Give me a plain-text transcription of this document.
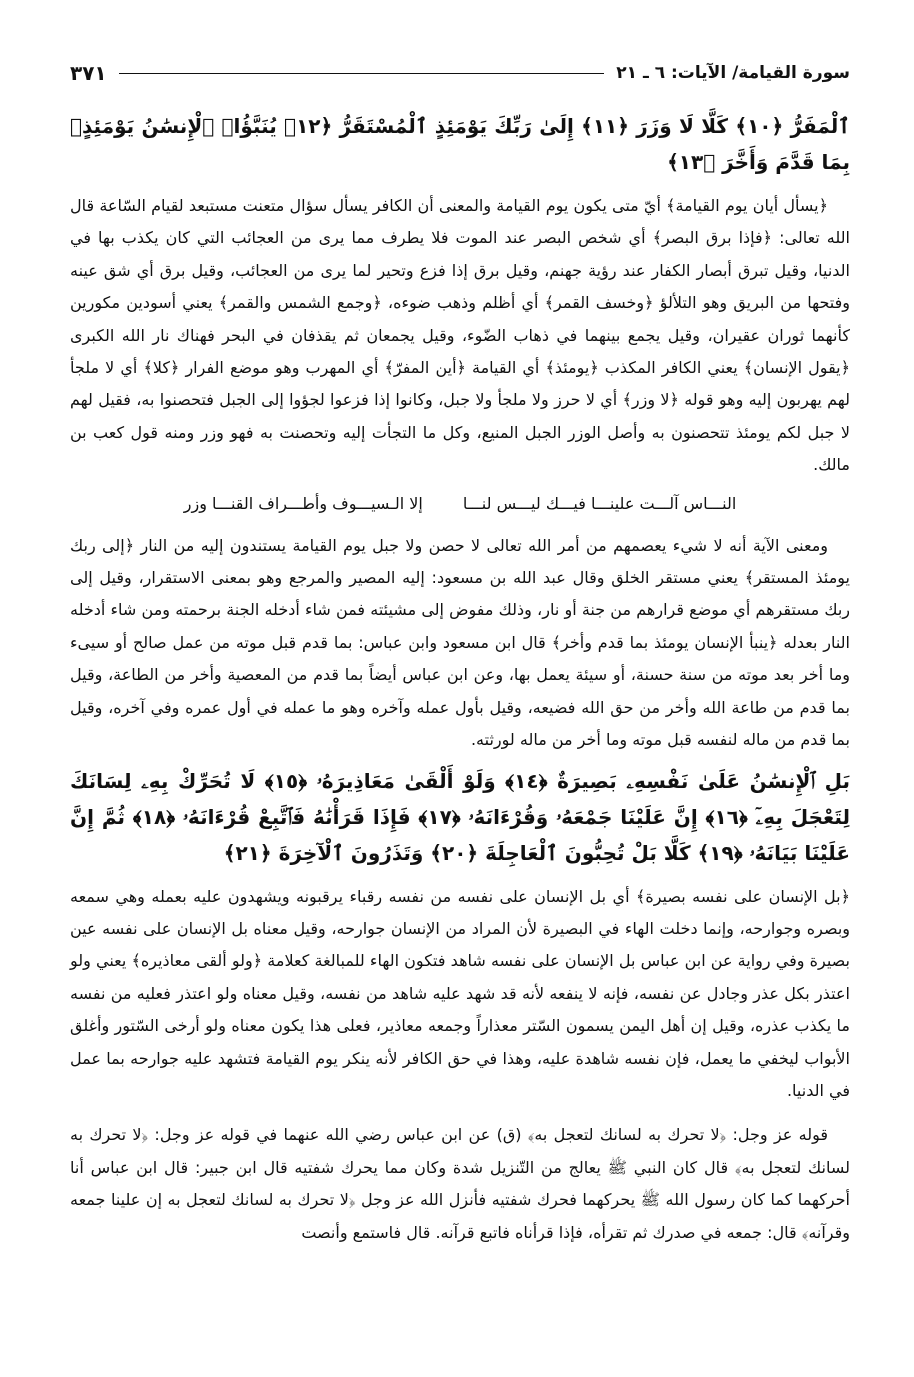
سورة القيامة/ الآيات: ٦ ـ ٢١
٣٧١
ٱلْمَفَرُّ ﴿١٠﴾ كَلَّا لَا وَزَرَ ﴿١١﴾ إِلَىٰ رَبِّكَ يَوْمَئِذٍ ٱلْمُسْتَقَرُّ ﴿١٢﴾ يُنَبَّؤُا۟ ٱلْإِنسَٰنُ يَوْمَئِذٍۭ بِمَا قَدَّمَ وَأَخَّرَ ﴿١٣﴾

﴿يسأل أيان يوم القيامة﴾ أيّ متى يكون يوم القيامة والمعنى أن الكافر يسأل سؤال متعنت مستبعد لقيام السّاعة قال الله تعالى: ﴿فإذا برق البصر﴾ أي شخص البصر عند الموت فلا يطرف مما يرى من العجائب التي كان يكذب بها في الدنيا، وقيل تبرق أبصار الكفار عند رؤية جهنم، وقيل برق إذا فزع وتحير لما يرى من العجائب، وقيل برق أي شق عينه وفتحها من البريق وهو التلألؤ ﴿وخسف القمر﴾ أي أظلم وذهب ضوءه، ﴿وجمع الشمس والقمر﴾ يعني أسودين مكورين كأنهما ثوران عقيران، وقيل يجمع بينهما في ذهاب الضّوء، وقيل يجمعان ثم يقذفان في البحر فهناك نار الله الكبرى ﴿يقول الإنسان﴾ يعني الكافر المكذب ﴿يومئذ﴾ أي القيامة ﴿أين المفرّ﴾ أي المهرب وهو موضع الفرار ﴿كلا﴾ أي لا ملجأ لهم يهربون إليه وهو قوله ﴿لا وزر﴾ أي لا حرز ولا ملجأ ولا جبل، وكانوا إذا فزعوا لجؤوا إلى الجبل فتحصنوا به، فقيل لهم لا جبل لكم يومئذ تتحصنون به وأصل الوزر الجبل المنيع، وكل ما التجأت إليه وتحصنت به فهو وزر ومنه قول كعب بن مالك.

النـــاس آلـــت علينـــا فيـــك ليـــس لنـــا
إلا الـسيـــوف وأطـــراف القنـــا وزر

ومعنى الآية أنه لا شيء يعصمهم من أمر الله تعالى لا حصن ولا جبل يوم القيامة يستندون إليه من النار ﴿إلى ربك يومئذ المستقر﴾ يعني مستقر الخلق وقال عبد الله بن مسعود: إليه المصير والمرجع وهو بمعنى الاستقرار، وقيل إلى ربك مستقرهم أي موضع قرارهم من جنة أو نار، وذلك مفوض إلى مشيئته فمن شاء أدخله الجنة برحمته ومن شاء أدخله النار بعدله ﴿ينبأ الإنسان يومئذ بما قدم وأخر﴾ قال ابن مسعود وابن عباس: بما قدم قبل موته من عمل صالح أو سيىء وما أخر بعد موته من سنة حسنة، أو سيئة يعمل بها، وعن ابن عباس أيضاً بما قدم من المعصية وأخر من الطاعة، وقيل بما قدم من طاعة الله وأخر من حق الله فضيعه، وقيل بأول عمله وآخره وهو ما عمله في أول عمره وفي آخره، وقيل بما قدم من ماله لنفسه قبل موته وما أخر من ماله لورثته.

بَلِ ٱلْإِنسَٰنُ عَلَىٰ نَفْسِهِۦ بَصِيرَةٌ ﴿١٤﴾ وَلَوْ أَلْقَىٰ مَعَاذِيرَهُۥ ﴿١٥﴾ لَا تُحَرِّكْ بِهِۦ لِسَانَكَ لِتَعْجَلَ بِهِۦٓ ﴿١٦﴾ إِنَّ عَلَيْنَا جَمْعَهُۥ وَقُرْءَانَهُۥ ﴿١٧﴾ فَإِذَا قَرَأْنَٰهُ فَٱتَّبِعْ قُرْءَانَهُۥ ﴿١٨﴾ ثُمَّ إِنَّ عَلَيْنَا بَيَانَهُۥ ﴿١٩﴾ كَلَّا بَلْ تُحِبُّونَ ٱلْعَاجِلَةَ ﴿٢٠﴾ وَتَذَرُونَ ٱلْآخِرَةَ ﴿٢١﴾

﴿بل الإنسان على نفسه بصيرة﴾ أي بل الإنسان على نفسه من نفسه رقباء يرقبونه ويشهدون عليه بعمله وهي سمعه وبصره وجوارحه، وإنما دخلت الهاء في البصيرة لأن المراد من الإنسان جوارحه، وقيل معناه بل الإنسان على نفسه عين بصيرة وفي رواية عن ابن عباس بل الإنسان على نفسه شاهد فتكون الهاء للمبالغة كعلامة ﴿ولو ألقى معاذيره﴾ يعني ولو اعتذر بكل عذر وجادل عن نفسه، فإنه لا ينفعه لأنه قد شهد عليه شاهد من نفسه، وقيل معناه ولو اعتذر فعليه من نفسه ما يكذب عذره، وقيل إن أهل اليمن يسمون السّتر معذاراً وجمعه معاذير، فعلى هذا يكون معناه ولو أرخى السّتور وأغلق الأبواب ليخفي ما يعمل، فإن نفسه شاهدة عليه، وهذا في حق الكافر لأنه ينكر يوم القيامة فتشهد عليه جوارحه بما عمل في الدنيا.

قوله عز وجل: ﴿لا تحرك به لسانك لتعجل به﴾ (ق) عن ابن عباس رضي الله عنهما في قوله عز وجل: ﴿لا تحرك به لسانك لتعجل به﴾ قال كان النبي ﷺ يعالج من التّنزيل شدة وكان مما يحرك شفتيه قال ابن جبير: قال ابن عباس أنا أحركهما كما كان رسول الله ﷺ يحركهما فحرك شفتيه فأنزل الله عز وجل ﴿لا تحرك به لسانك لتعجل به إن علينا جمعه وقرآنه﴾ قال: جمعه في صدرك ثم تقرأه، فإذا قرأناه فاتبع قرآنه. قال فاستمع وأنصت
